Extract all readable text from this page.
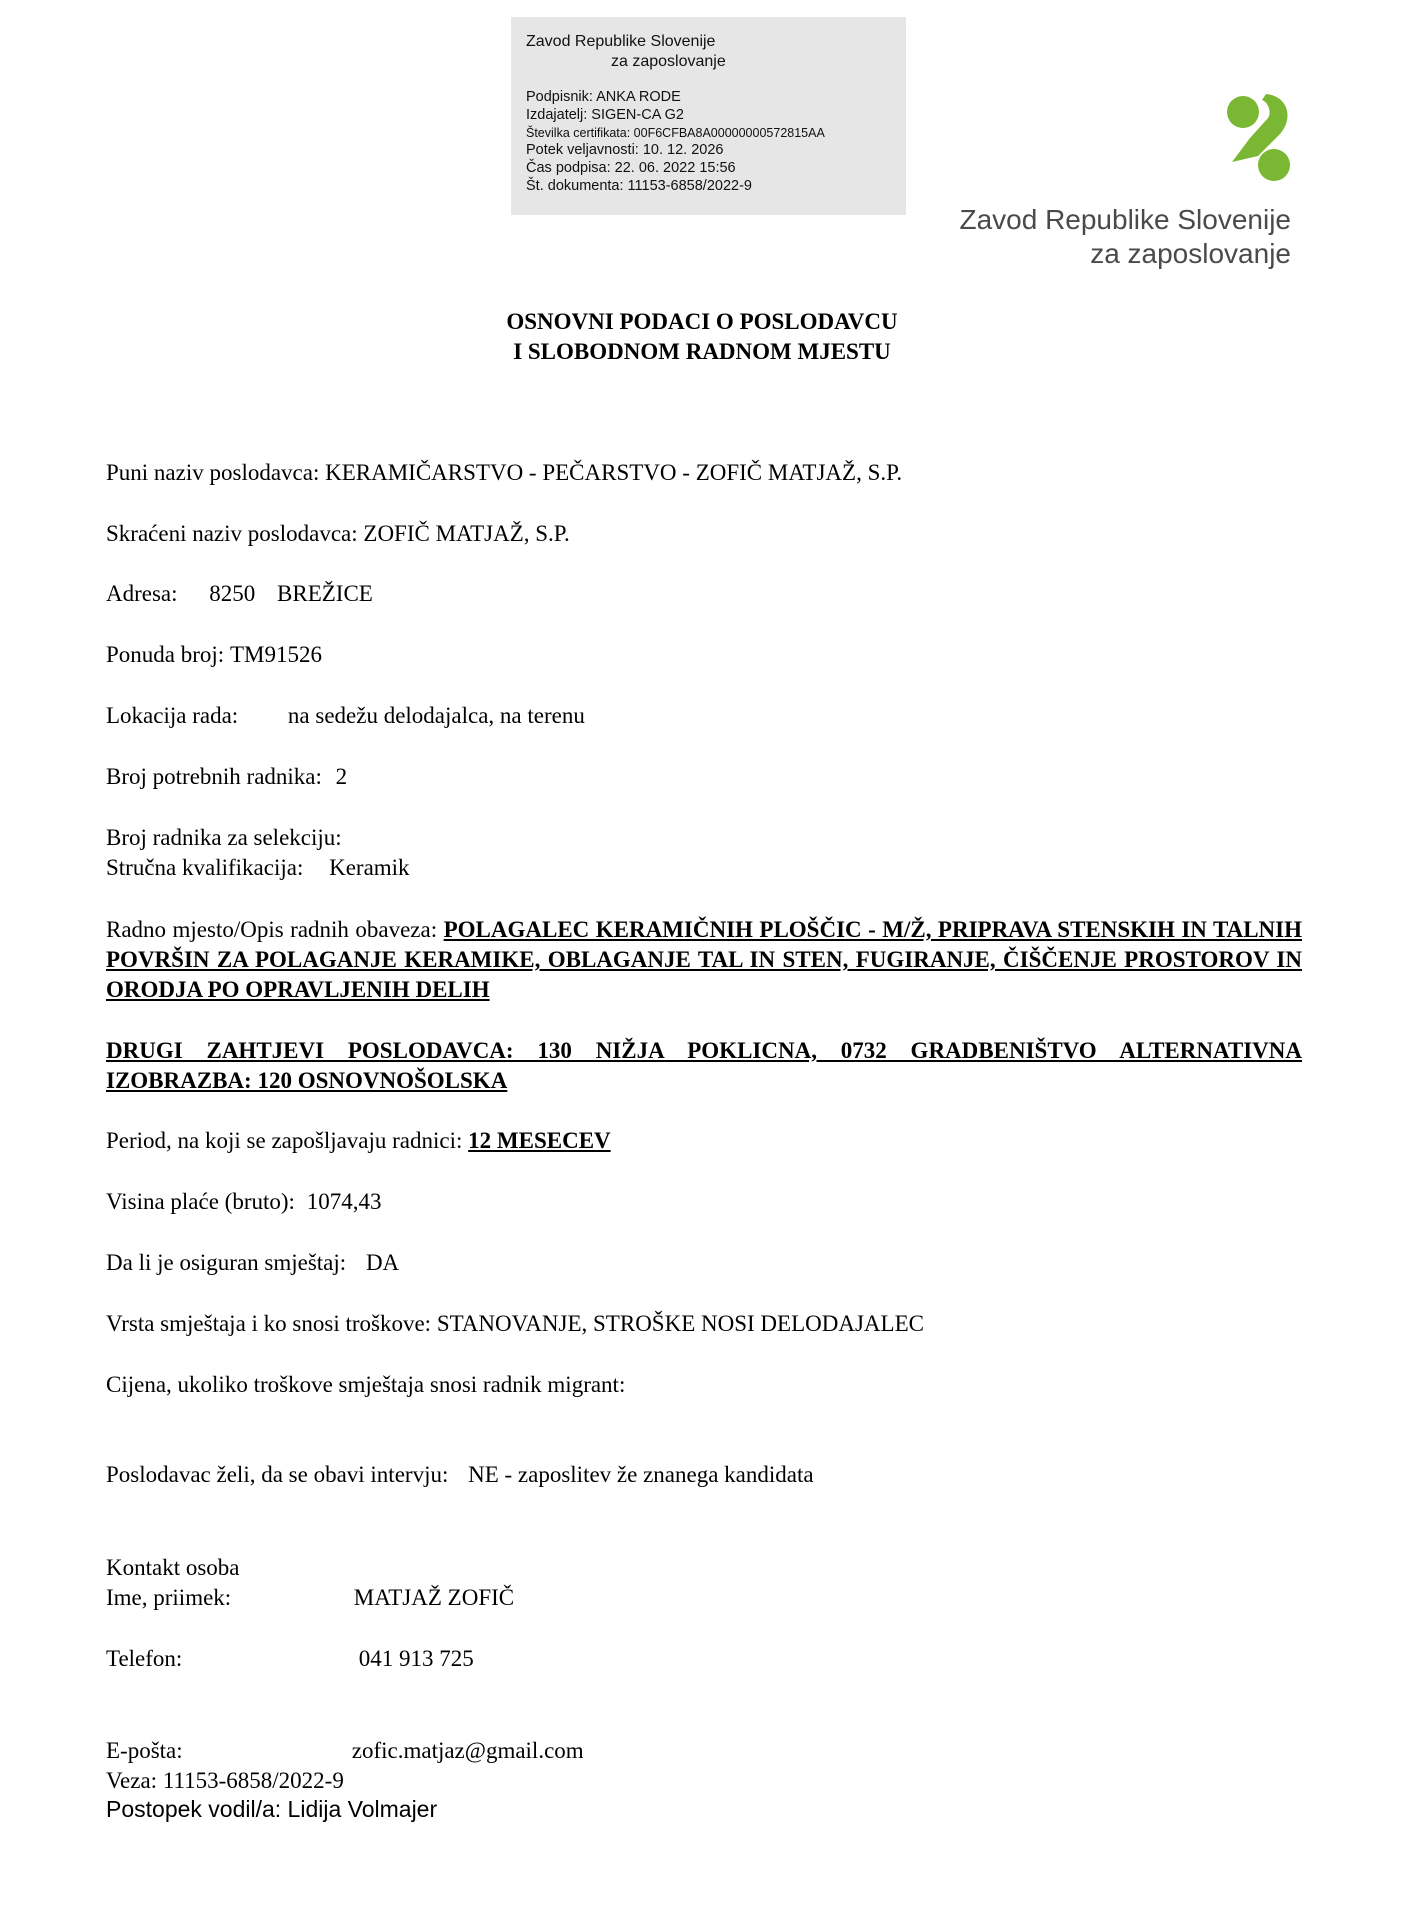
Zavod Republike Slovenije
za zaposlovanje
Podpisnik: ANKA RODE
Izdajatelj: SIGEN-CA G2
Številka certifikata: 00F6CFBA8A00000000572815AA
Potek veljavnosti: 10. 12. 2026
Čas podpisa: 22. 06. 2022 15:56
Št. dokumenta: 11153-6858/2022-9
Zavod Republike Slovenije
za zaposlovanje
OSNOVNI PODACI O POSLODAVCU
I SLOBODNOM RADNOM MJESTU
Puni naziv poslodavca: KERAMIČARSTVO - PEČARSTVO - ZOFIČ MATJAŽ, S.P.
Skraćeni naziv poslodavca: ZOFIČ MATJAŽ, S.P.
Adresa: 8250 BREŽICE
Ponuda broj: TM91526
Lokacija rada: na sedežu delodajalca, na terenu
Broj potrebnih radnika: 2
Broj radnika za selekciju:
Stručna kvalifikacija: Keramik
Radno mjesto/Opis radnih obaveza: POLAGALEC KERAMIČNIH PLOŠČIC - M/Ž, PRIPRAVA STENSKIH IN TALNIH POVRŠIN ZA POLAGANJE KERAMIKE, OBLAGANJE TAL IN STEN, FUGIRANJE, ČIŠČENJE PROSTOROV IN ORODJA PO OPRAVLJENIH DELIH
DRUGI ZAHTJEVI POSLODAVCA: 130 NIŽJA POKLICNA, 0732 GRADBENIŠTVO ALTERNATIVNA IZOBRAZBA: 120 OSNOVNOŠOLSKA
Period, na koji se zapošljavaju radnici: 12 MESECEV
Visina plaće (bruto): 1074,43
Da li je osiguran smještaj: DA
Vrsta smještaja i ko snosi troškove: STANOVANJE, STROŠKE NOSI DELODAJALEC
Cijena, ukoliko troškove smještaja snosi radnik migrant:
Poslodavac želi, da se obavi intervju: NE - zaposlitev že znanega kandidata
Kontakt osoba
Ime, priimek:	MATJAŽ ZOFIČ
Telefon:	041 913 725
E-pošta:	zofic.matjaz@gmail.com
Veza: 11153-6858/2022-9
Postopek vodil/a: Lidija Volmajer
